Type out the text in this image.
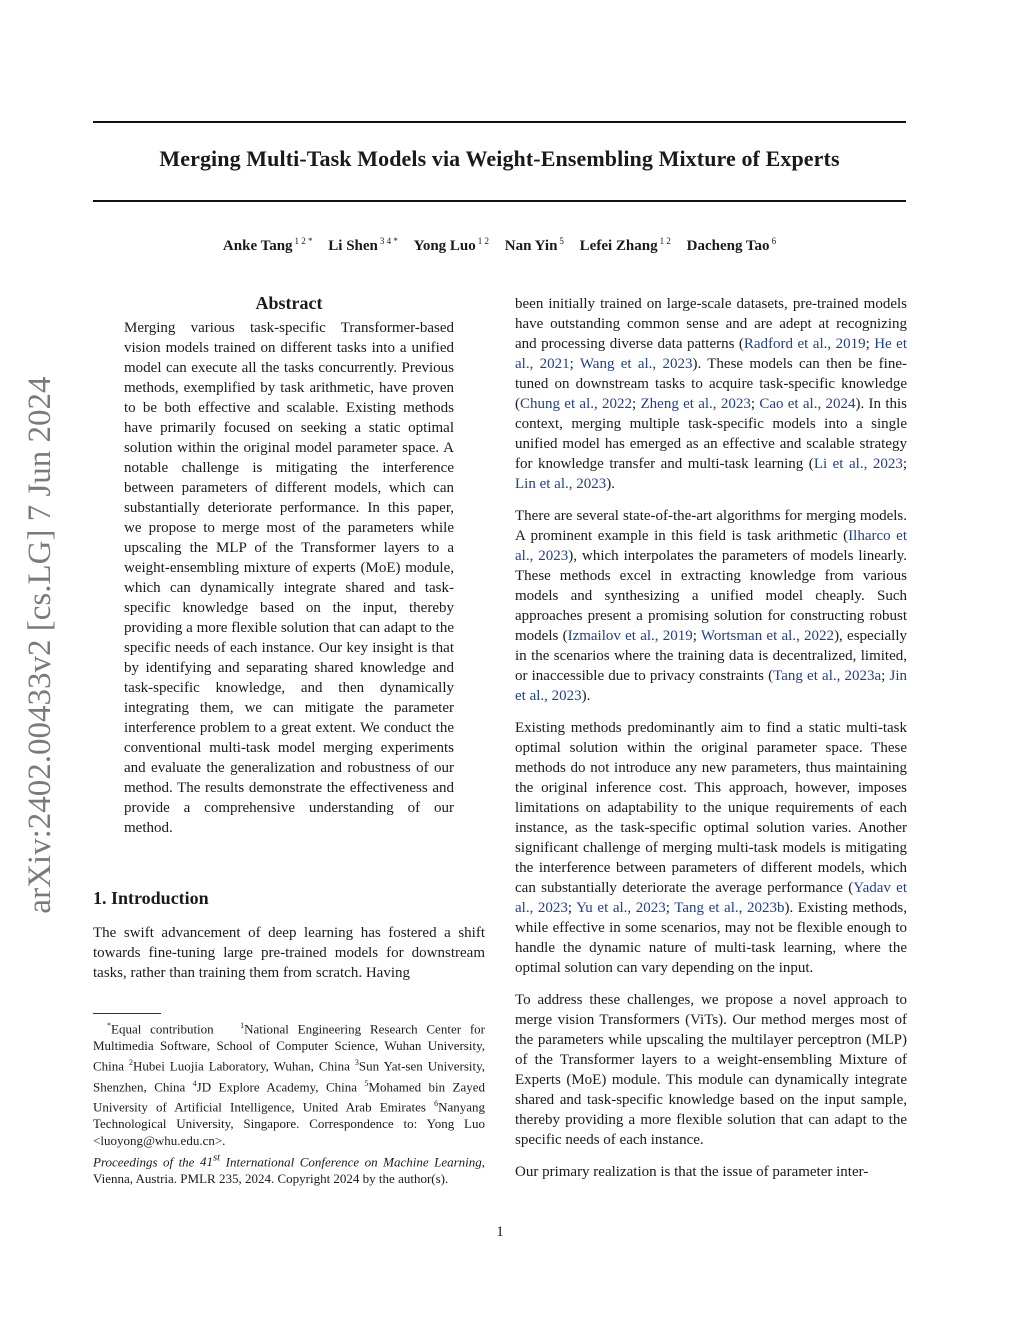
Merging Multi-Task Models via Weight-Ensembling Mixture of Experts
Anke Tang $^{1 2 *}$ Li Shen $^{3 4 *}$ Yong Luo $^{1 2}$ Nan Yin $^5$ Lefei Zhang $^{1 2}$ Dacheng Tao $^6$
arXiv:2402.00433v2 [cs.LG] 7 Jun 2024
Abstract
Merging various task-specific Transformer-based vision models trained on different tasks into a unified model can execute all the tasks concurrently. Previous methods, exemplified by task arithmetic, have proven to be both effective and scalable. Existing methods have primarily focused on seeking a static optimal solution within the original model parameter space. A notable challenge is mitigating the interference between parameters of different models, which can substantially deteriorate performance. In this paper, we propose to merge most of the parameters while upscaling the MLP of the Transformer layers to a weight-ensembling mixture of experts (MoE) module, which can dynamically integrate shared and task-specific knowledge based on the input, thereby providing a more flexible solution that can adapt to the specific needs of each instance. Our key insight is that by identifying and separating shared knowledge and task-specific knowledge, and then dynamically integrating them, we can mitigate the parameter interference problem to a great extent. We conduct the conventional multi-task model merging experiments and evaluate the generalization and robustness of our method. The results demonstrate the effectiveness and provide a comprehensive understanding of our method.
1. Introduction

The swift advancement of deep learning has fostered a shift towards fine-tuning large pre-trained models for downstream tasks, rather than training them from scratch. Having

*Equal contribution	$^1$National Engineering Research Center for Multimedia Software, School of Computer Science, Wuhan University, China $^2$Hubei Luojia Laboratory, Wuhan, China $^3$Sun Yat-sen University, Shenzhen, China $^4$JD Explore Academy, China $^5$Mohamed bin Zayed University of Artificial Intelligence, United Arab Emirates $^6$Nanyang Technological University, Singapore. Correspondence to: Yong Luo <luoyong@whu.edu.cn>.
Proceedings of the 41st International Conference on Machine Learning, Vienna, Austria. PMLR 235, 2024. Copyright 2024 by the author(s).

been initially trained on large-scale datasets, pre-trained models have outstanding common sense and are adept at recognizing and processing diverse data patterns (Radford et al., 2019; He et al., 2021; Wang et al., 2023). These models can then be fine-tuned on downstream tasks to acquire task-specific knowledge (Chung et al., 2022; Zheng et al., 2023; Cao et al., 2024). In this context, merging multiple task-specific models into a single unified model has emerged as an effective and scalable strategy for knowledge transfer and multi-task learning (Li et al., 2023; Lin et al., 2023).

There are several state-of-the-art algorithms for merging models. A prominent example in this field is task arithmetic (Ilharco et al., 2023), which interpolates the parameters of models linearly. These methods excel in extracting knowledge from various models and synthesizing a unified model cheaply. Such approaches present a promising solution for constructing robust models (Izmailov et al., 2019; Wortsman et al., 2022), especially in the scenarios where the training data is decentralized, limited, or inaccessible due to privacy constraints (Tang et al., 2023a; Jin et al., 2023).

Existing methods predominantly aim to find a static multi-task optimal solution within the original parameter space. These methods do not introduce any new parameters, thus maintaining the original inference cost. This approach, however, imposes limitations on adaptability to the unique requirements of each instance, as the task-specific optimal solution varies. Another significant challenge of merging multi-task models is mitigating the interference between parameters of different models, which can substantially deteriorate the average performance (Yadav et al., 2023; Yu et al., 2023; Tang et al., 2023b). Existing methods, while effective in some scenarios, may not be flexible enough to handle the dynamic nature of multi-task learning, where the optimal solution can vary depending on the input.

To address these challenges, we propose a novel approach to merge vision Transformers (ViTs). Our method merges most of the parameters while upscaling the multilayer perceptron (MLP) of the Transformer layers to a weight-ensembling Mixture of Experts (MoE) module. This module can dynamically integrate shared and task-specific knowledge based on the input sample, thereby providing a more flexible solution that can adapt to the specific needs of each instance.

Our primary realization is that the issue of parameter inter-

1
